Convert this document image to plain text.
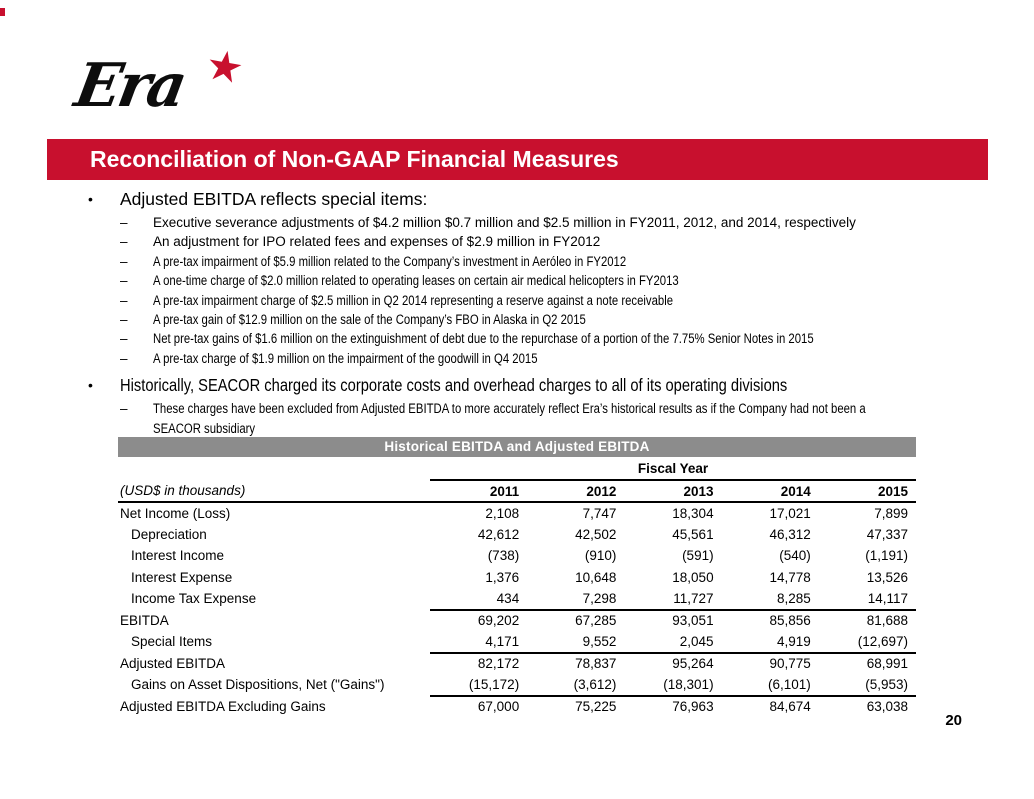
Era ★
Reconciliation of Non-GAAP Financial Measures
•	Adjusted EBITDA reflects special items:
–	Executive severance adjustments of $4.2 million $0.7 million and $2.5 million in FY2011, 2012, and 2014, respectively
–	An adjustment for IPO related fees and expenses of $2.9 million in FY2012
–	A pre-tax impairment of $5.9 million related to the Company’s investment in Aeróleo in FY2012
–	A one-time charge of $2.0 million related to operating leases on certain air medical helicopters in FY2013
–	A pre-tax impairment charge of $2.5 million in Q2 2014 representing a reserve against a note receivable
–	A pre-tax gain of $12.9 million on the sale of the Company’s FBO in Alaska in Q2 2015
–	Net pre-tax gains of $1.6 million on the extinguishment of debt due to the repurchase of a portion of the 7.75% Senior Notes in 2015
–	A pre-tax charge of $1.9 million on the impairment of the goodwill in Q4 2015
•	Historically, SEACOR charged its corporate costs and overhead charges to all of its operating divisions
–	These charges have been excluded from Adjusted EBITDA to more accurately reflect Era’s historical results as if the Company had not been a SEACOR subsidiary
Historical EBITDA and Adjusted EBITDA
	Fiscal Year				
(USD$ in thousands)	2011	2012	2013	2014	2015
Net Income (Loss)	2,108	7,747	18,304	17,021	7,899
Depreciation	42,612	42,502	45,561	46,312	47,337
Interest Income	(738)	(910)	(591)	(540)	(1,191)
Interest Expense	1,376	10,648	18,050	14,778	13,526
Income Tax Expense	434	7,298	11,727	8,285	14,117
EBITDA	69,202	67,285	93,051	85,856	81,688
Special Items	4,171	9,552	2,045	4,919	(12,697)
Adjusted EBITDA	82,172	78,837	95,264	90,775	68,991
Gains on Asset Dispositions, Net ("Gains")	(15,172)	(3,612)	(18,301)	(6,101)	(5,953)
Adjusted EBITDA Excluding Gains	67,000	75,225	76,963	84,674	63,038
20
